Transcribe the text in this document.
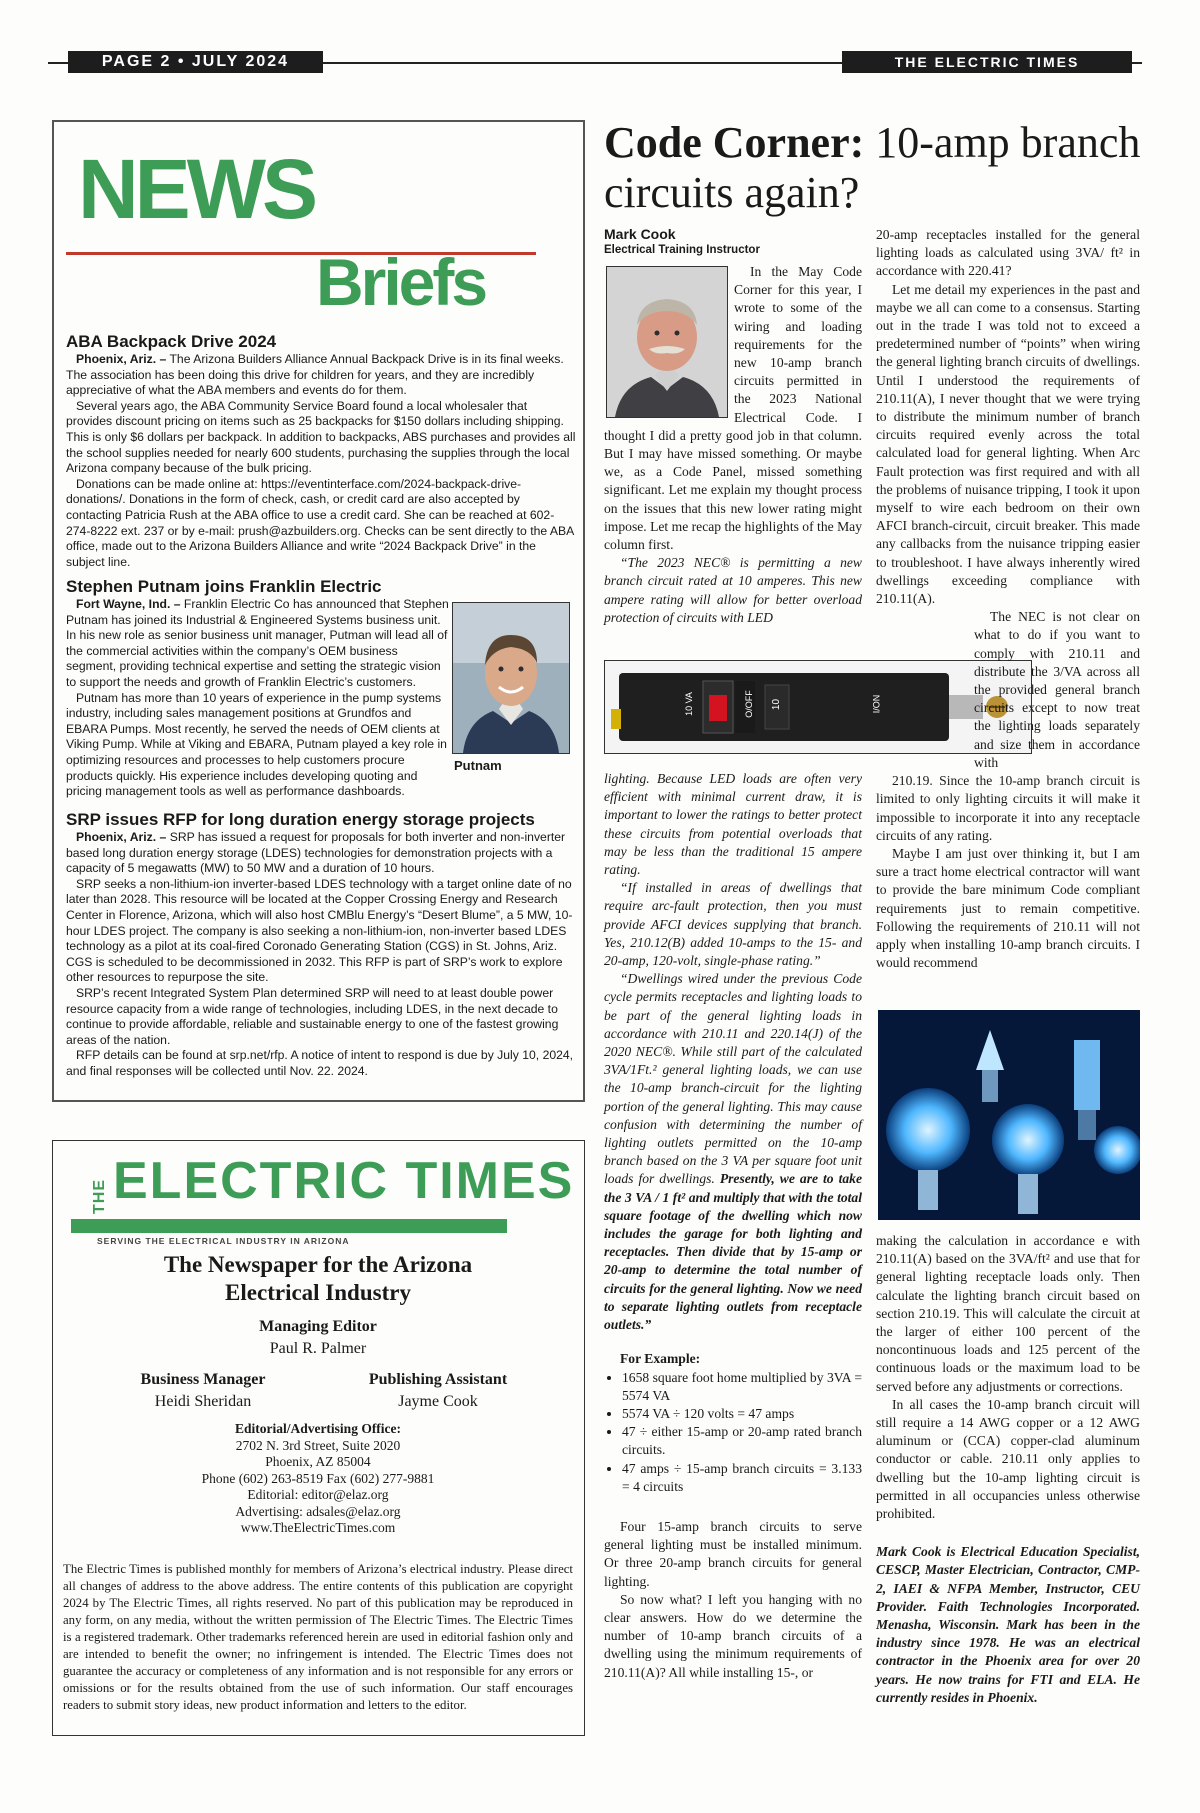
PAGE 2 • JULY 2024	THE ELECTRIC TIMES
NEWS
Briefs
ABA Backpack Drive 2024

Phoenix, Ariz. – The Arizona Builders Alliance Annual Backpack Drive is in its final weeks. The association has been doing this drive for children for years, and they are incredibly appreciative of what the ABA members and events do for them.

Several years ago, the ABA Community Service Board found a local wholesaler that provides discount pricing on items such as 25 backpacks for $150 dollars including shipping. This is only $6 dollars per backpack. In addition to backpacks, ABS purchases and provides all the school supplies needed for nearly 600 students, purchasing the supplies through the local Arizona company because of the bulk pricing.

Donations can be made online at: https://eventinterface.com/2024-backpack-drive-donations/. Donations in the form of check, cash, or credit card are also accepted by contacting Patricia Rush at the ABA office to use a credit card. She can be reached at 602-274-8222 ext. 237 or by e-mail: prush@azbuilders.org. Checks can be sent directly to the ABA office, made out to the Arizona Builders Alliance and write “2024 Backpack Drive” in the subject line.

Stephen Putnam joins Franklin Electric

Fort Wayne, Ind. – Franklin Electric Co has announced that Stephen Putnam has joined its Industrial & Engineered Systems business unit. In his new role as senior business unit manager, Putman will lead all of the commercial activities within the company’s OEM business segment, providing technical expertise and setting the strategic vision to support the needs and growth of Franklin Electric’s customers.

Putnam has more than 10 years of experience in the pump systems industry, including sales management positions at Grundfos and EBARA Pumps. Most recently, he served the needs of OEM clients at Viking Pump. While at Viking and EBARA, Putnam played a key role in optimizing resources and processes to help customers procure products quickly. His experience includes developing quoting and pricing management tools as well as performance dashboards.

Putnam
SRP issues RFP for long duration energy storage projects

Phoenix, Ariz. – SRP has issued a request for proposals for both inverter and non-inverter based long duration energy storage (LDES) technologies for demonstration projects with a capacity of 5 megawatts (MW) to 50 MW and a duration of 10 hours.

SRP seeks a non-lithium-ion inverter-based LDES technology with a target online date of no later than 2028. This resource will be located at the Copper Crossing Energy and Research Center in Florence, Arizona, which will also host CMBlu Energy’s “Desert Blume”, a 5 MW, 10-hour LDES project. The company is also seeking a non-lithium-ion, non-inverter based LDES technology as a pilot at its coal-fired Coronado Generating Station (CGS) in St. Johns, Ariz. CGS is scheduled to be decommissioned in 2032. This RFP is part of SRP’s work to explore other resources to repurpose the site.

SRP’s recent Integrated System Plan determined SRP will need to at least double power resource capacity from a wide range of technologies, including LDES, in the next decade to continue to provide affordable, reliable and sustainable energy to one of the fastest growing areas of the nation.

RFP details can be found at srp.net/rfp. A notice of intent to respond is due by July 10, 2024, and final responses will be collected until Nov. 22. 2024.

THE ELECTRIC TIMES
SERVING THE ELECTRICAL INDUSTRY IN ARIZONA
The Newspaper for the Arizona
Electrical Industry
Managing Editor
Paul R. Palmer
Business Manager
Heidi Sheridan
Publishing Assistant
Jayme Cook
Editorial/Advertising Office:
2702 N. 3rd Street, Suite 2020
Phoenix, AZ 85004
Phone (602) 263-8519 Fax (602) 277-9881
Editorial: editor@elaz.org
Advertising: adsales@elaz.org
www.TheElectricTimes.com
The Electric Times is published monthly for members of Arizona’s electrical industry. Please direct all changes of address to the above address. The entire contents of this publication are copyright 2024 by The Electric Times, all rights reserved. No part of this publication may be reproduced in any form, on any media, without the written permission of The Electric Times. The Electric Times is a registered trademark. Other trademarks referenced herein are used in editorial fashion only and are intended to benefit the owner; no infringement is intended. The Electric Times does not guarantee the accuracy or completeness of any information and is not responsible for any errors or omissions or for the results obtained from the use of such information. Our staff encourages readers to submit story ideas, new product information and letters to the editor.
Code Corner: 10-amp branch circuits again?
Mark Cook
Electrical Training Instructor

In the May Code Corner for this year, I wrote to some of the wiring and loading requirements for the new 10-amp branch circuits permitted in the 2023 National Electrical Code. I thought I did a pretty good job in that column. But I may have missed something. Or maybe we, as a Code Panel, missed something significant. Let me explain my thought process on the issues that this new lower rating might impose. Let me recap the highlights of the May column first.

“The 2023 NEC® is permitting a new branch circuit rated at 10 amperes. This new ampere rating will allow for better overload protection of circuits with LED

10 VA	O/OFF 10	I/ON

lighting. Because LED loads are often very efficient with minimal current draw, it is important to lower the ratings to better protect these circuits from potential overloads that may be less than the traditional 15 ampere rating.

“If installed in areas of dwellings that require arc-fault protection, then you must provide AFCI devices supplying that branch. Yes, 210.12(B) added 10-amps to the 15- and 20-amp, 120-volt, single-phase rating.”

“Dwellings wired under the previous Code cycle permits receptacles and lighting loads to be part of the general lighting loads in accordance with 210.11 and 220.14(J) of the 2020 NEC®. While still part of the calculated 3VA/1Ft.² general lighting loads, we can use the 10-amp branch-circuit for the lighting portion of the general lighting. This may cause confusion with determining the number of lighting outlets permitted on the 10-amp branch based on the 3 VA per square foot unit loads for dwellings. Presently, we are to take the 3 VA / 1 ft² and multiply that with the total square footage of the dwelling which now includes the garage for both lighting and receptacles. Then divide that by 15-amp or 20-amp to determine the total number of circuits for the general lighting. Now we need to separate lighting outlets from receptacle outlets.”

For Example:

• 1658 square foot home multiplied by 3VA = 5574 VA
• 5574 VA ÷ 120 volts = 47 amps
• 47 ÷ either 15-amp or 20-amp rated branch circuits.
• 47 amps ÷ 15-amp branch circuits = 3.133 = 4 circuits

Four 15-amp branch circuits to serve general lighting must be installed minimum. Or three 20-amp branch circuits for general lighting.

So now what? I left you hanging with no clear answers. How do we determine the number of 10-amp branch circuits of a dwelling using the minimum requirements of 210.11(A)? All while installing 15-, or

20-amp receptacles installed for the general lighting loads as calculated using 3VA/ ft² in accordance with 220.41?

Let me detail my experiences in the past and maybe we all can come to a consensus. Starting out in the trade I was told not to exceed a predetermined number of “points” when wiring the general lighting branch circuits of dwellings. Until I understood the requirements of 210.11(A), I never thought that we were trying to distribute the minimum number of branch circuits required evenly across the total calculated load for general lighting. When Arc Fault protection was first required and with all the problems of nuisance tripping, I took it upon myself to wire each bedroom on their own AFCI branch-circuit, circuit breaker. This made any callbacks from the nuisance tripping easier to troubleshoot. I have always inherently wired dwellings exceeding compliance with 210.11(A).

The NEC is not clear on what to do if you want to comply with 210.11 and distribute the 3/VA across all the provided general branch circuits except to now treat the lighting loads separately and size them in accordance with

210.19. Since the 10-amp branch circuit is limited to only lighting circuits it will make it impossible to incorporate it into any receptacle circuits of any rating.

Maybe I am just over thinking it, but I am sure a tract home electrical contractor will want to provide the bare minimum Code compliant requirements just to remain competitive. Following the requirements of 210.11 will not apply when installing 10-amp branch circuits. I would recommend

making the calculation in accordance e with 210.11(A) based on the 3VA/ft² and use that for general lighting receptacle loads only. Then calculate the lighting branch circuit based on section 210.19. This will calculate the circuit at the larger of either 100 percent of the noncontinuous loads and 125 percent of the continuous loads or the maximum load to be served before any adjustments or corrections.

In all cases the 10-amp branch circuit will still require a 14 AWG copper or a 12 AWG aluminum or (CCA) copper-clad aluminum conductor or cable. 210.11 only applies to dwelling but the 10-amp lighting circuit is permitted in all occupancies unless otherwise prohibited.

Mark Cook is Electrical Education Specialist, CESCP, Master Electrician, Contractor, CMP-2, IAEI & NFPA Member, Instructor, CEU Provider. Faith Technologies Incorporated. Menasha, Wisconsin. Mark has been in the industry since 1978. He was an electrical contractor in the Phoenix area for over 20 years. He now trains for FTI and ELA. He currently resides in Phoenix.
